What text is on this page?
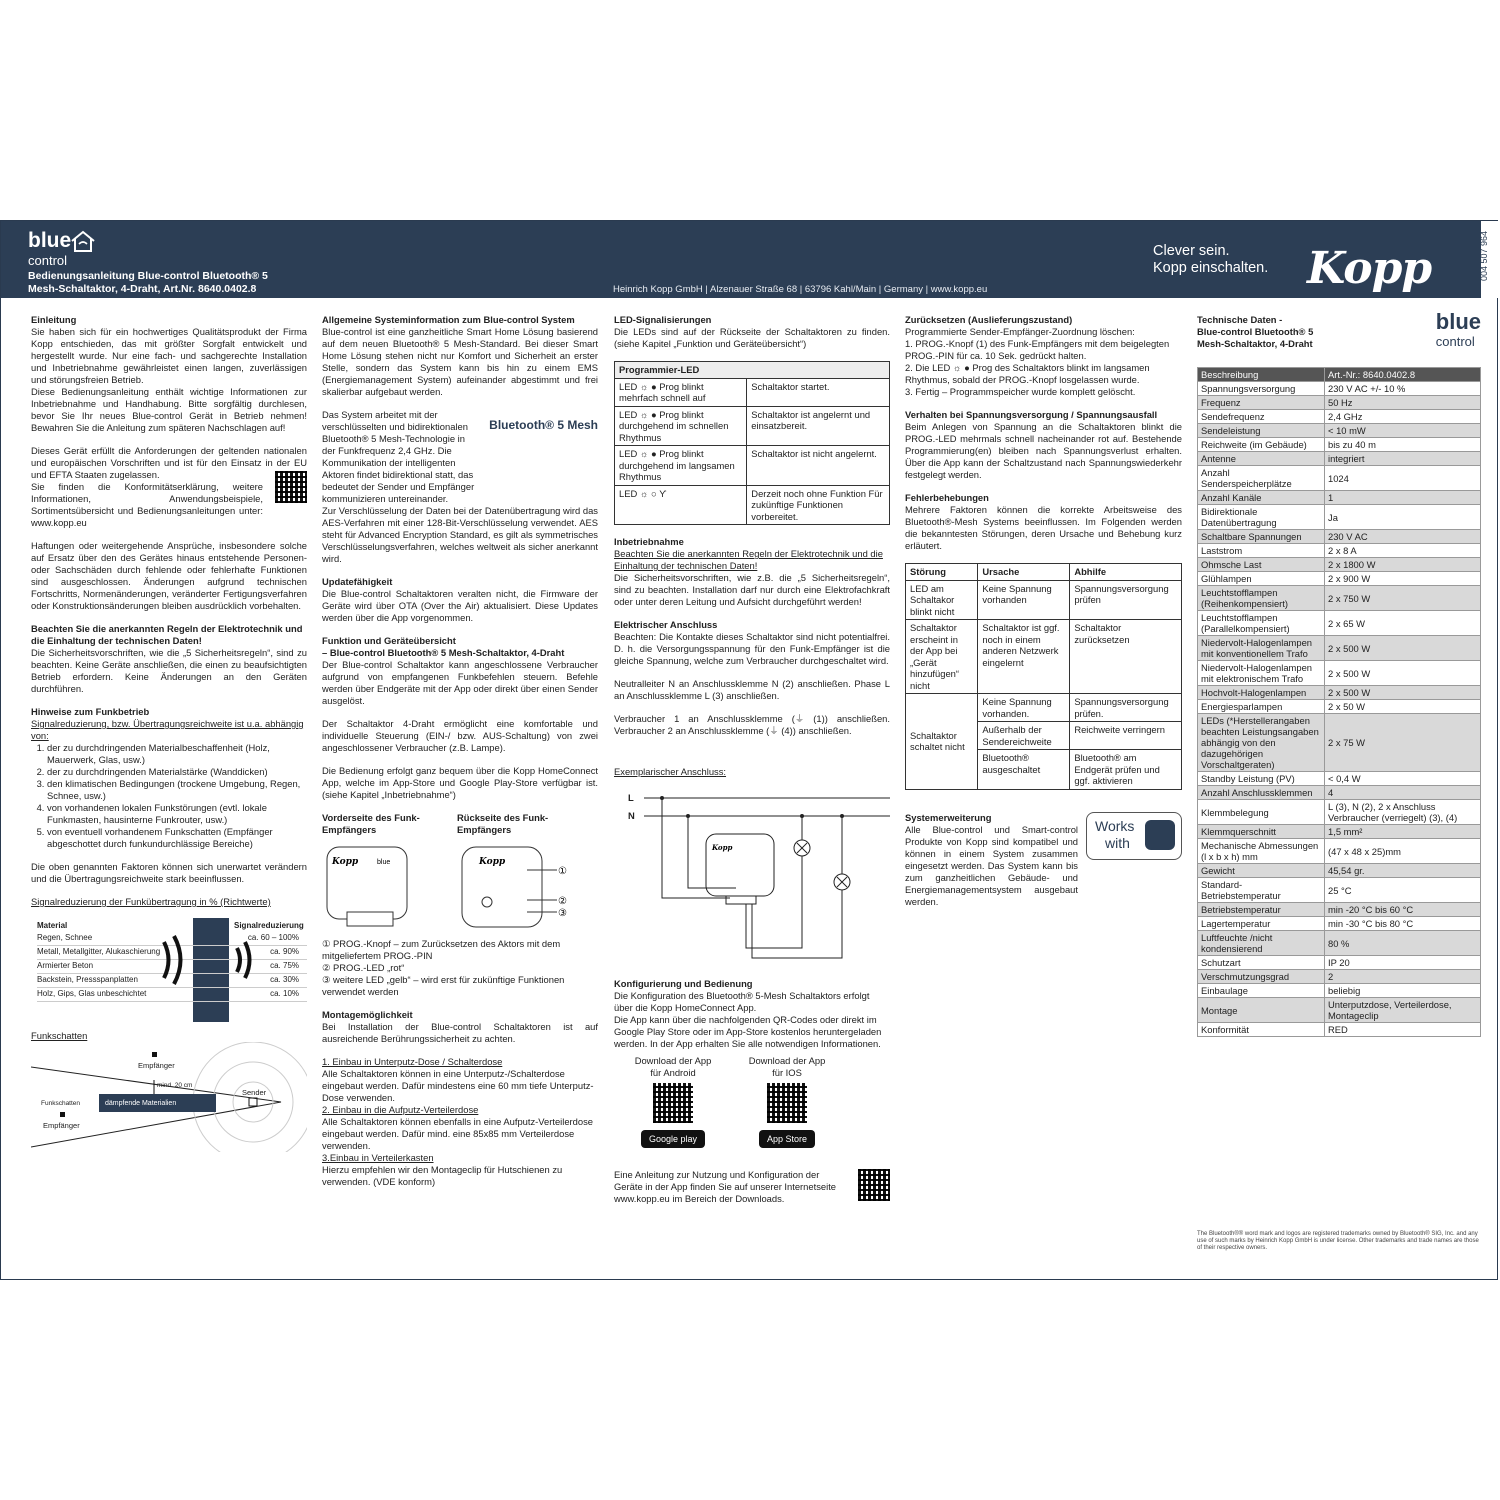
blue
control
Bedienungsanleitung Blue-control Bluetooth® 5
Mesh-Schaltaktor, 4-Draht, Art.Nr. 8640.0402.8	Heinrich Kopp GmbH | Alzenauer Straße 68 | 63796 Kahl/Main | Germany | www.kopp.eu
Clever sein.
Kopp einschalten. Kopp	004 507 964
Einleitung

Sie haben sich für ein hochwertiges Qualitätsprodukt der Firma Kopp entschieden, das mit größter Sorgfalt entwickelt und hergestellt wurde. Nur eine fach- und sachgerechte Installation und Inbetriebnahme gewährleistet einen langen, zuverlässigen und störungsfreien Betrieb.

Diese Bedienungsanleitung enthält wichtige Informationen zur Inbetriebnahme und Handhabung. Bitte sorgfältig durchlesen, bevor Sie Ihr neues Blue-control Gerät in Betrieb nehmen! Bewahren Sie die Anleitung zum späteren Nachschlagen auf!

Dieses Gerät erfüllt die Anforderungen der geltenden nationalen und europäischen Vorschriften und ist für den Einsatz in der EU und EFTA Staaten zugelassen.

Sie finden die Konformitätserklärung, weitere Informationen, Anwendungsbeispiele, Sortimentsübersicht und Bedienungsanleitungen unter: www.kopp.eu

Haftungen oder weitergehende Ansprüche, insbesondere solche auf Ersatz über den des Gerätes hinaus entstehende Personen- oder Sachschäden durch fehlende oder fehlerhafte Funktionen sind ausgeschlossen. Änderungen aufgrund technischen Fortschritts, Normenänderungen, veränderter Fertigungsverfahren oder Konstruktionsänderungen bleiben ausdrücklich vorbehalten.

Beachten Sie die anerkannten Regeln der Elektrotechnik und die Einhaltung der technischen Daten!

Die Sicherheitsvorschriften, wie die „5 Sicherheitsregeln“, sind zu beachten. Keine Geräte anschließen, die einen zu beaufsichtigten Betrieb erfordern. Keine Änderungen an den Geräten durchführen.

Hinweise zum Funkbetrieb
Signalreduzierung, bzw. Übertragungsreichweite ist u.a. abhängig von:
1. der zu durchdringenden Materialbeschaffenheit (Holz, Mauerwerk, Glas, usw.)
2. der zu durchdringenden Materialstärke (Wanddicken)
3. den klimatischen Bedingungen (trockene Umgebung, Regen, Schnee, usw.)
4. von vorhandenen lokalen Funkstörungen (evtl. lokale Funkmasten, hausinterne Funkrouter, usw.)
5. von eventuell vorhandenem Funkschatten (Empfänger abgeschottet durch funkundurchlässige Bereiche)

Die oben genannten Faktoren können sich unerwartet verändern und die Übertragungsreichweite stark beeinflussen.

Signalreduzierung der Funkübertragung in % (Richtwerte)
Material	Signalreduzierung
Regen, Schnee	ca. 60 – 100%
Metall, Metallgitter, Alukaschierung	ca. 90%
Armierter Beton	ca. 75%
Backstein, Pressspanplatten	ca. 30%
Holz, Gips, Glas unbeschichtet	ca. 10%
Funkschatten
Empfänger
mind. 20 cm
Sender
Funkschatten
Empfänger
dämpfende Materialien
Allgemeine Systeminformation zum Blue-control System

Blue-control ist eine ganzheitliche Smart Home Lösung basierend auf dem neuen Bluetooth® 5 Mesh-Standard. Bei dieser Smart Home Lösung stehen nicht nur Komfort und Sicherheit an erster Stelle, sondern das System kann bis hin zu einem EMS (Energiemanagement System) aufeinander abgestimmt und frei skalierbar aufgebaut werden.

Das System arbeitet mit der verschlüsselten und bidirektionalen Bluetooth® 5 Mesh-Technologie in der Funkfrequenz 2,4 GHz. Die Kommunikation der intelligenten Aktoren findet bidirektional statt, das bedeutet der Sender und Empfänger kommunizieren untereinander.

Bluetooth® 5 Mesh

Zur Verschlüsselung der Daten bei der Datenübertragung wird das AES-Verfahren mit einer 128-Bit-Verschlüsselung verwendet. AES steht für Advanced Encryption Standard, es gilt als symmetrisches Verschlüsselungsverfahren, welches weltweit als sicher anerkannt wird.

Updatefähigkeit

Die Blue-control Schaltaktoren veralten nicht, die Firmware der Geräte wird über OTA (Over the Air) aktualisiert. Diese Updates werden über die App vorgenommen.

Funktion und Geräteübersicht
– Blue-control Bluetooth® 5 Mesh-Schaltaktor, 4-Draht

Der Blue-control Schaltaktor kann angeschlossene Verbraucher aufgrund von empfangenen Funkbefehlen steuern. Befehle werden über Endgeräte mit der App oder direkt über einen Sender ausgelöst.

Der Schaltaktor 4-Draht ermöglicht eine komfortable und individuelle Steuerung (EIN-/ bzw. AUS-Schaltung) von zwei angeschlossener Verbraucher (z.B. Lampe).

Die Bedienung erfolgt ganz bequem über die Kopp HomeConnect App, welche im App-Store und Google Play-Store verfügbar ist. (siehe Kapitel „Inbetriebnahme“)

Vorderseite des Funk-Empfängers
Rückseite des Funk-Empfängers
Kopp	blue	Kopp
①
②
③
① PROG.-Knopf – zum Zurücksetzen des Aktors mit dem mitgeliefertem PROG.-PIN
② PROG.-LED „rot“
③ weitere LED „gelb“ – wird erst für zukünftige Funktionen verwendet werden
Montagemöglichkeit

Bei Installation der Blue-control Schaltaktoren ist auf ausreichende Berührungssicherheit zu achten.

1. Einbau in Unterputz-Dose / Schalterdose
Alle Schaltaktoren können in eine Unterputz-/Schalterdose eingebaut werden. Dafür mindestens eine 60 mm tiefe Unterputz-Dose verwenden.
2. Einbau in die Aufputz-Verteilerdose
Alle Schaltaktoren können ebenfalls in eine Aufputz-Verteilerdose eingebaut werden. Dafür mind. eine 85x85 mm Verteilerdose verwenden.
3.Einbau in Verteilerkasten
Hierzu empfehlen wir den Montageclip für Hutschienen zu verwenden. (VDE konform)
LED-Signalisierungen

Die LEDs sind auf der Rückseite der Schaltaktoren zu finden. (siehe Kapitel „Funktion und Geräteübersicht“)

Programmier-LED	
LED ☼ ● Prog blinkt mehrfach schnell auf	Schaltaktor startet.
LED ☼ ● Prog blinkt durchgehend im schnellen Rhythmus	Schaltaktor ist angelernt und einsatzbereit.
LED ☼ ● Prog blinkt durchgehend im langsamen Rhythmus	Schaltaktor ist nicht angelernt.
LED ☼ ○ ϒ	Derzeit noch ohne Funktion Für zukünftige Funktionen vorbereitet.
Inbetriebnahme
Beachten Sie die anerkannten Regeln der Elektrotechnik und die Einhaltung der technischen Daten!

Die Sicherheitsvorschriften, wie z.B. die „5 Sicherheitsregeln“, sind zu beachten. Installation darf nur durch eine Elektrofachkraft oder unter deren Leitung und Aufsicht durchgeführt werden!

Elektrischer Anschluss

Beachten: Die Kontakte dieses Schaltaktor sind nicht potentialfrei. D. h. die Versorgungsspannung für den Funk-Empfänger ist die gleiche Spannung, welche zum Verbraucher durchgeschaltet wird.

Neutralleiter N an Anschlussklemme N (2) anschließen. Phase L an Anschlussklemme L (3) anschließen.

Verbraucher 1 an Anschlussklemme (⏚ (1)) anschließen. Verbraucher 2 an Anschlussklemme (⏚ (4)) anschließen.

Exemplarischer Anschluss:
L
N
Kopp
Konfigurierung und Bedienung
Die Konfiguration des Bluetooth® 5-Mesh Schaltaktors erfolgt über die Kopp HomeConnect App.

Die App kann über die nachfolgenden QR-Codes oder direkt im Google Play Store oder im App-Store kostenlos heruntergeladen werden. In der App erhalten Sie alle notwendigen Informationen.

Download der App
für Android
Google play
Download der App
für IOS
App Store
Eine Anleitung zur Nutzung und Konfiguration der Geräte in der App finden Sie auf unserer Internetseite www.kopp.eu im Bereich der Downloads.
Zurücksetzen (Auslieferungszustand)
Programmierte Sender-Empfänger-Zuordnung löschen:
1. PROG.-Knopf (1) des Funk-Empfängers mit dem beigelegten PROG.-PIN für ca. 10 Sek. gedrückt halten.
2. Die LED ☼ ● Prog des Schaltaktors blinkt im langsamen Rhythmus, sobald der PROG.-Knopf losgelassen wurde.
3. Fertig – Programmspeicher wurde komplett gelöscht.
Verhalten bei Spannungsversorgung / Spannungsausfall

Beim Anlegen von Spannung an die Schaltaktoren blinkt die PROG.-LED mehrmals schnell nacheinander rot auf. Bestehende Programmierung(en) bleiben nach Spannungsverlust erhalten. Über die App kann der Schaltzustand nach Spannungswiederkehr festgelegt werden.

Fehlerbehebungen

Mehrere Faktoren können die korrekte Arbeitsweise des Bluetooth®-Mesh Systems beeinflussen. Im Folgenden werden die bekanntesten Störungen, deren Ursache und Behebung kurz erläutert.

Störung	Ursache	Abhilfe
LED am Schaltakor blinkt nicht	Keine Spannung vorhanden	Spannungsversorgung prüfen
Schaltaktor erscheint in der App bei „Gerät hinzufügen“ nicht	Schaltaktor ist ggf. noch in einem anderen Netzwerk eingelernt	Schaltaktor zurücksetzen
Schaltaktor schaltet nicht	Keine Spannung vorhanden.	Spannungsversorgung prüfen.
	Außerhalb der Sendereichweite	Reichweite verringern
	Bluetooth® ausgeschaltet	Bluetooth® am Endgerät prüfen und ggf. aktivieren
Systemerweiterung
Alle Blue-control und Smart-control Produkte von Kopp sind kompatibel und können in einem System zusammen eingesetzt werden. Das System kann bis zum ganzheitlichen Gebäude- und Energiemanagementsystem ausgebaut werden.
Works
with
Technische Daten -
Blue-control Bluetooth® 5
Mesh-Schaltaktor, 4-Draht
blue
control
Beschreibung	Art.-Nr.: 8640.0402.8
Spannungsversorgung	230 V AC +/- 10 %
Frequenz	50 Hz
Sendefrequenz	2,4 GHz
Sendeleistung	< 10 mW
Reichweite (im Gebäude)	bis zu 40 m
Antenne	integriert
Anzahl Senderspeicherplätze	1024
Anzahl Kanäle	1
Bidirektionale Datenübertragung	Ja
Schaltbare Spannungen	230 V AC
Laststrom	2 x 8 A
Ohmsche Last	2 x 1800 W
Glühlampen	2 x 900 W
Leuchtstofflampen (Reihenkompensiert)	2 x 750 W
Leuchtstofflampen (Parallelkompensiert)	2 x 65 W
Niedervolt-Halogenlampen mit konventionellem Trafo	2 x 500 W
Niedervolt-Halogenlampen mit elektronischem Trafo	2 x 500 W
Hochvolt-Halogenlampen	2 x 500 W
Energiesparlampen	2 x 50 W
LEDs (*Herstellerangaben beachten Leistungsangaben abhängig von den dazugehörigen Vorschaltgeraten)	2 x 75 W
Standby Leistung (PV)	< 0,4 W
Anzahl Anschlussklemmen	4
Klemmbelegung	L (3), N (2), 2 x Anschluss Verbraucher (verriegelt) (3), (4)
Klemmquerschnitt	1,5 mm²
Mechanische Abmessungen (l x b x h) mm	(47 x 48 x 25)mm
Gewicht	45,54 gr.
Standard-Betriebstemperatur	25 °C
Betriebstemperatur	min -20 °C bis 60 °C
Lagertemperatur	min -30 °C bis 80 °C
Luftfeuchte /nicht kondensierend	80 %
Schutzart	IP 20
Verschmutzungsgrad	2
Einbaulage	beliebig
Montage	Unterputzdose, Verteilerdose, Montageclip
Konformität	RED
The Bluetooth®® word mark and logos are registered trademarks owned by Bluetooth® SIG, Inc. and any use of such marks by Heinrich Kopp GmbH is under license. Other trademarks and trade names are those of their respective owners.
